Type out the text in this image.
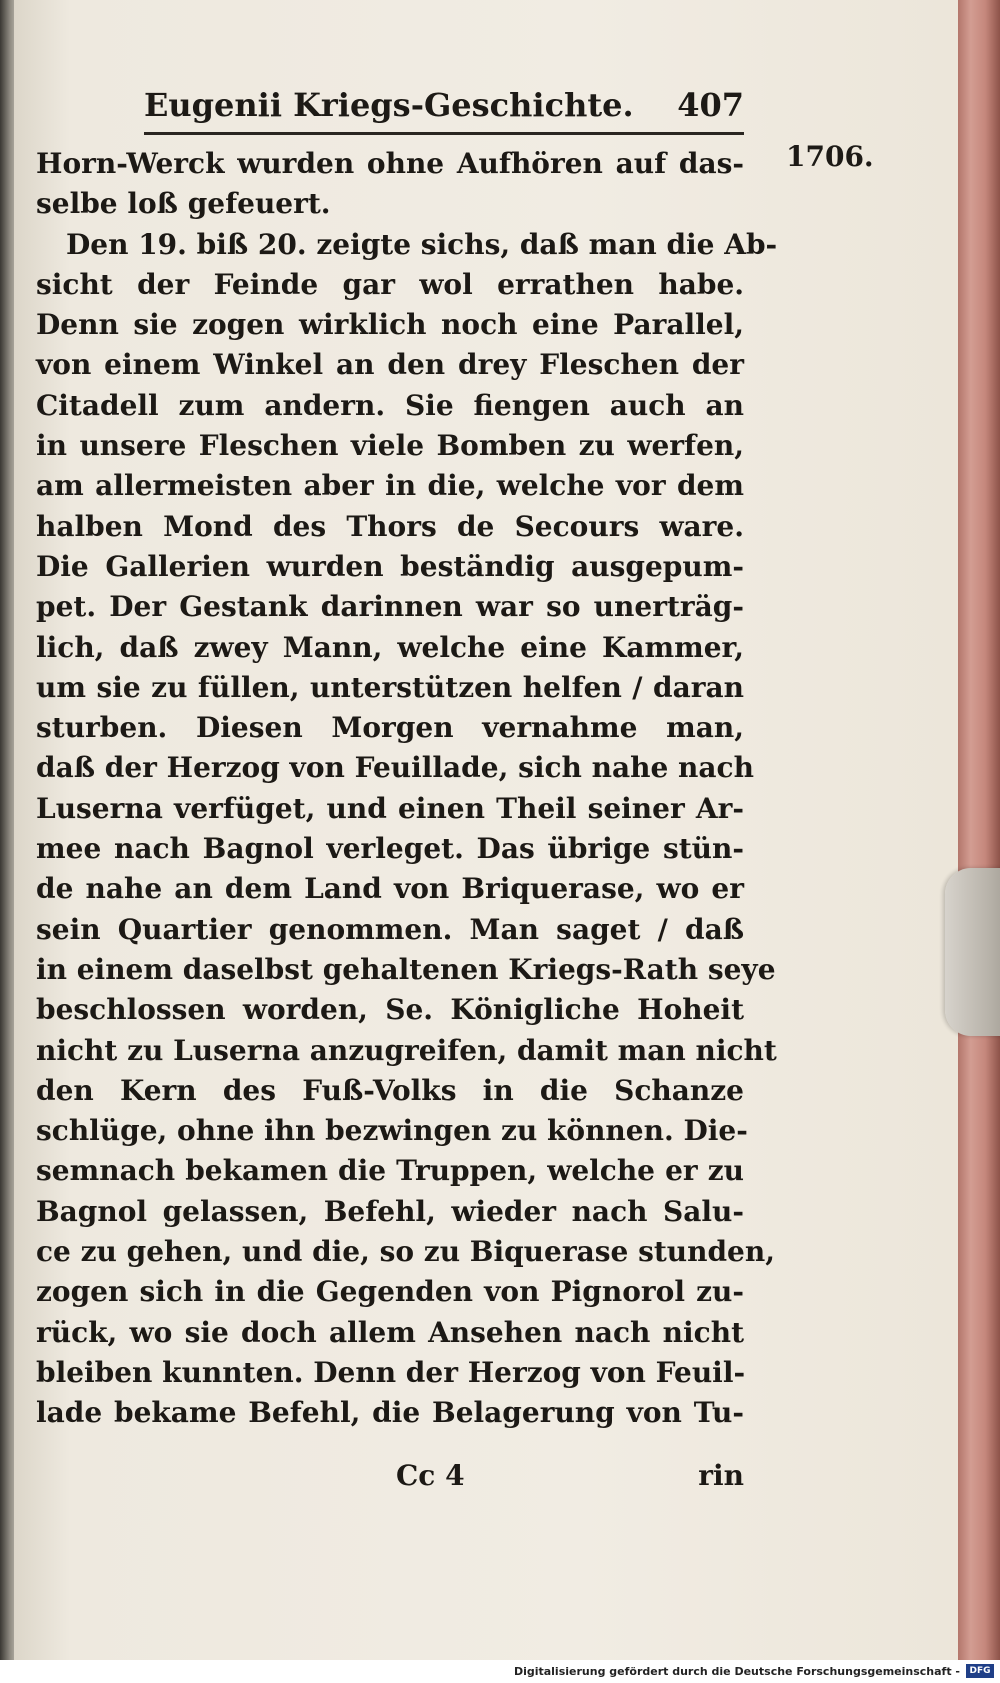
Eugenii Kriegs-Geschichte. 407
1706.
Horn-Werck wurden ohne Aufhören auf das-
selbe loß gefeuert.
Den 19. biß 20. zeigte sichs, daß man die Ab-
sicht der Feinde gar wol errathen habe.
Denn sie zogen wirklich noch eine Parallel,
von einem Winkel an den drey Fleschen der
Citadell zum andern. Sie fiengen auch an
in unsere Fleschen viele Bomben zu werfen,
am allermeisten aber in die, welche vor dem
halben Mond des Thors de Secours ware.
Die Gallerien wurden beständig ausgepum-
pet. Der Gestank darinnen war so unerträg-
lich, daß zwey Mann, welche eine Kammer,
um sie zu füllen, unterstützen helfen / daran
sturben. Diesen Morgen vernahme man,
daß der Herzog von Feuillade, sich nahe nach
Luserna verfüget, und einen Theil seiner Ar-
mee nach Bagnol verleget. Das übrige stün-
de nahe an dem Land von Briquerase, wo er
sein Quartier genommen. Man saget / daß
in einem daselbst gehaltenen Kriegs-Rath seye
beschlossen worden, Se. Königliche Hoheit
nicht zu Luserna anzugreifen, damit man nicht
den Kern des Fuß-Volks in die Schanze
schlüge, ohne ihn bezwingen zu können. Die-
semnach bekamen die Truppen, welche er zu
Bagnol gelassen, Befehl, wieder nach Salu-
ce zu gehen, und die, so zu Biquerase stunden,
zogen sich in die Gegenden von Pignorol zu-
rück, wo sie doch allem Ansehen nach nicht
bleiben kunnten. Denn der Herzog von Feuil-
lade bekame Befehl, die Belagerung von Tu-
Cc 4	rin
Digitalisierung gefördert durch die Deutsche Forschungsgemeinschaft -	DFG
